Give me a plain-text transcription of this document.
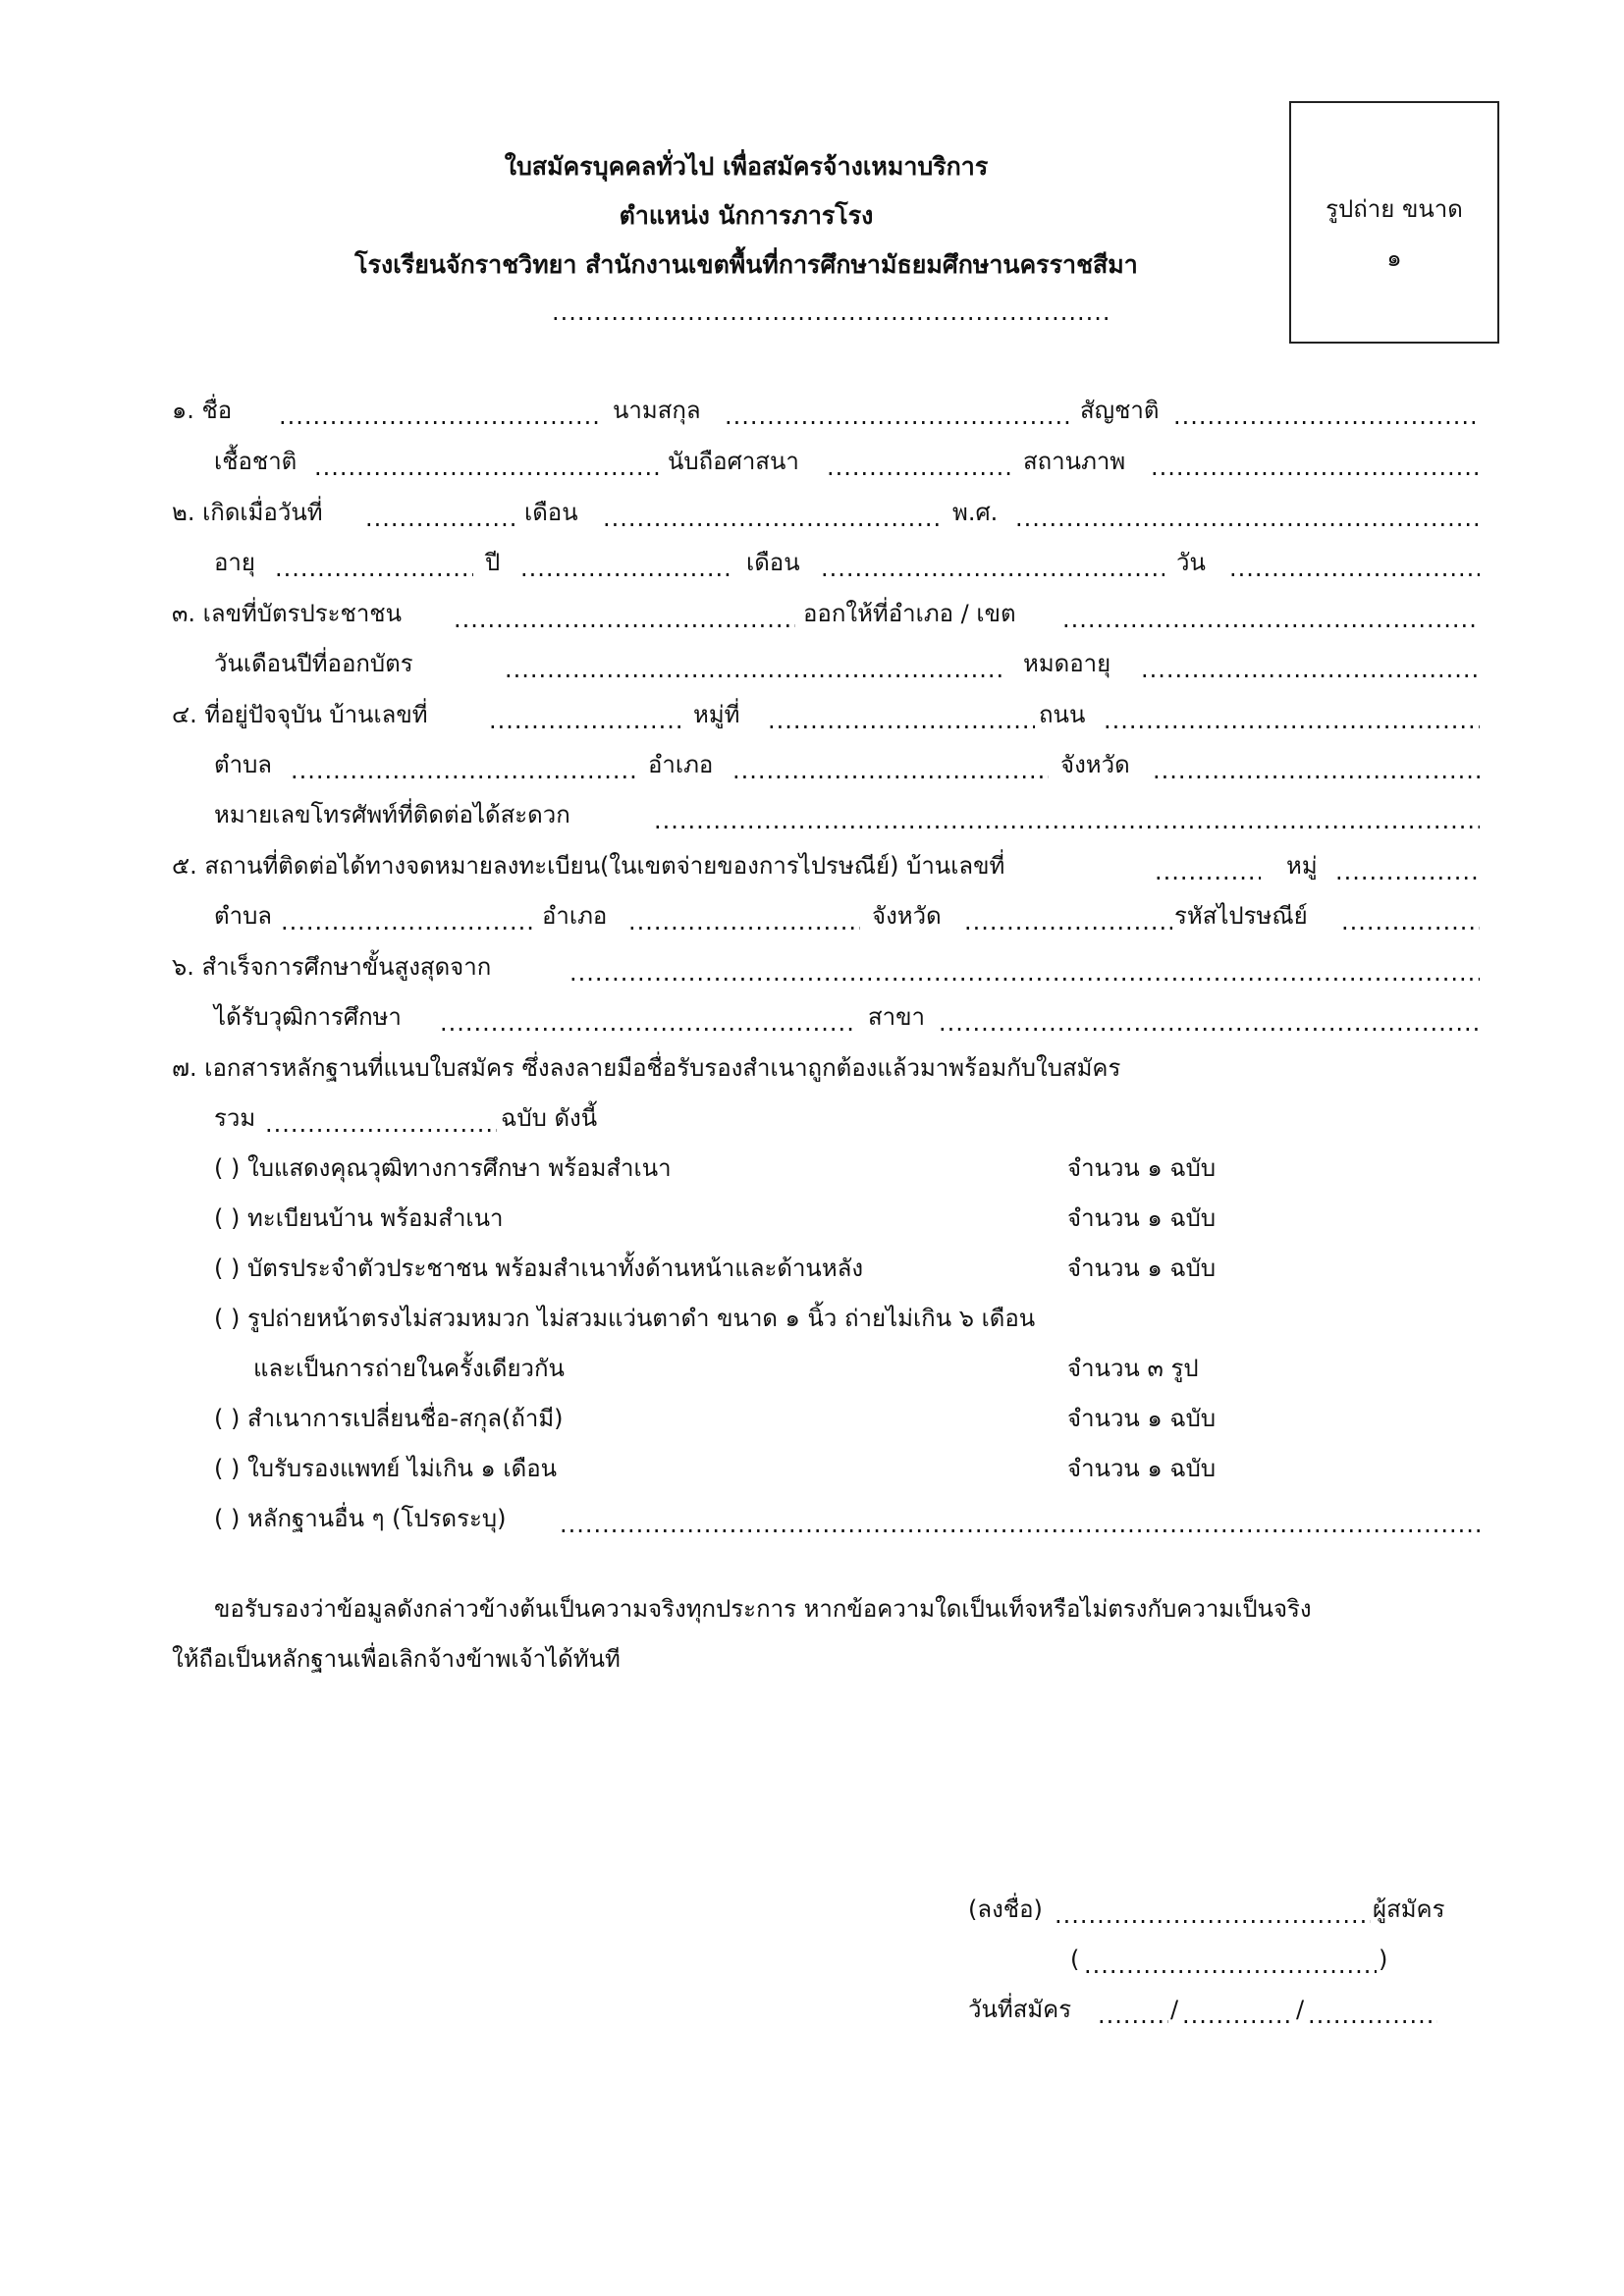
ใบสมัครบุคคลทั่วไป เพื่อสมัครจ้างเหมาบริการ
ตำแหน่ง นักการภารโรง
โรงเรียนจักราชวิทยา สำนักงานเขตพื้นที่การศึกษามัธยมศึกษานครราชสีมา
.....
รูปถ่าย ขนาด
๑
๑. ชื่อ .....	นามสกุล .....	สัญชาติ
.....
เชื้อชาติ .....	นับถือศาสนา .....	สถานภาพ
.....
๒. เกิดเมื่อวันที่ .....	เดือน .....	พ.ศ.
.....
อายุ .....	ปี .....	เดือน .....	วัน
.....
๓. เลขที่บัตรประชาชน .....	ออกให้ที่อำเภอ / เขต
.....
วันเดือนปีที่ออกบัตร .....	หมดอายุ
.....
๔. ที่อยู่ปัจจุบัน บ้านเลขที่ .....	หมู่ที่ .....	ถนน
.....
ตำบล .....	อำเภอ .....	จังหวัด
.....
หมายเลขโทรศัพท์ที่ติดต่อได้สะดวก
.....
๕. สถานที่ติดต่อได้ทางจดหมายลงทะเบียน(ในเขตจ่ายของการไปรษณีย์) บ้านเลขที่ .....	หมู่
.....
ตำบล .....	อำเภอ .....	จังหวัด .....	รหัสไปรษณีย์
.....
๖. สำเร็จการศึกษาขั้นสูงสุดจาก
.....
ได้รับวุฒิการศึกษา .....	สาขา
.....
๗. เอกสารหลักฐานที่แนบใบสมัคร ซึ่งลงลายมือชื่อรับรองสำเนาถูกต้องแล้วมาพร้อมกับใบสมัคร
รวม .....	ฉบับ ดังนี้
( ) ใบแสดงคุณวุฒิทางการศึกษา พร้อมสำเนา	จำนวน ๑ ฉบับ
( ) ทะเบียนบ้าน พร้อมสำเนา	จำนวน ๑ ฉบับ
( ) บัตรประจำตัวประชาชน พร้อมสำเนาทั้งด้านหน้าและด้านหลัง	จำนวน ๑ ฉบับ
( ) รูปถ่ายหน้าตรงไม่สวมหมวก ไม่สวมแว่นตาดำ ขนาด ๑ นิ้ว ถ่ายไม่เกิน ๖ เดือน
และเป็นการถ่ายในครั้งเดียวกัน	จำนวน ๓ รูป
( ) สำเนาการเปลี่ยนชื่อ-สกุล(ถ้ามี)	จำนวน ๑ ฉบับ
( ) ใบรับรองแพทย์ ไม่เกิน ๑ เดือน	จำนวน ๑ ฉบับ
( ) หลักฐานอื่น ๆ (โปรดระบุ)
.....
ขอรับรองว่าข้อมูลดังกล่าวข้างต้นเป็นความจริงทุกประการ หากข้อความใดเป็นเท็จหรือไม่ตรงกับความเป็นจริง
ให้ถือเป็นหลักฐานเพื่อเลิกจ้างข้าพเจ้าได้ทันที
(ลงชื่อ) .....	ผู้สมัคร
( .....	)
วันที่สมัคร .....	/ .....	/
.....
